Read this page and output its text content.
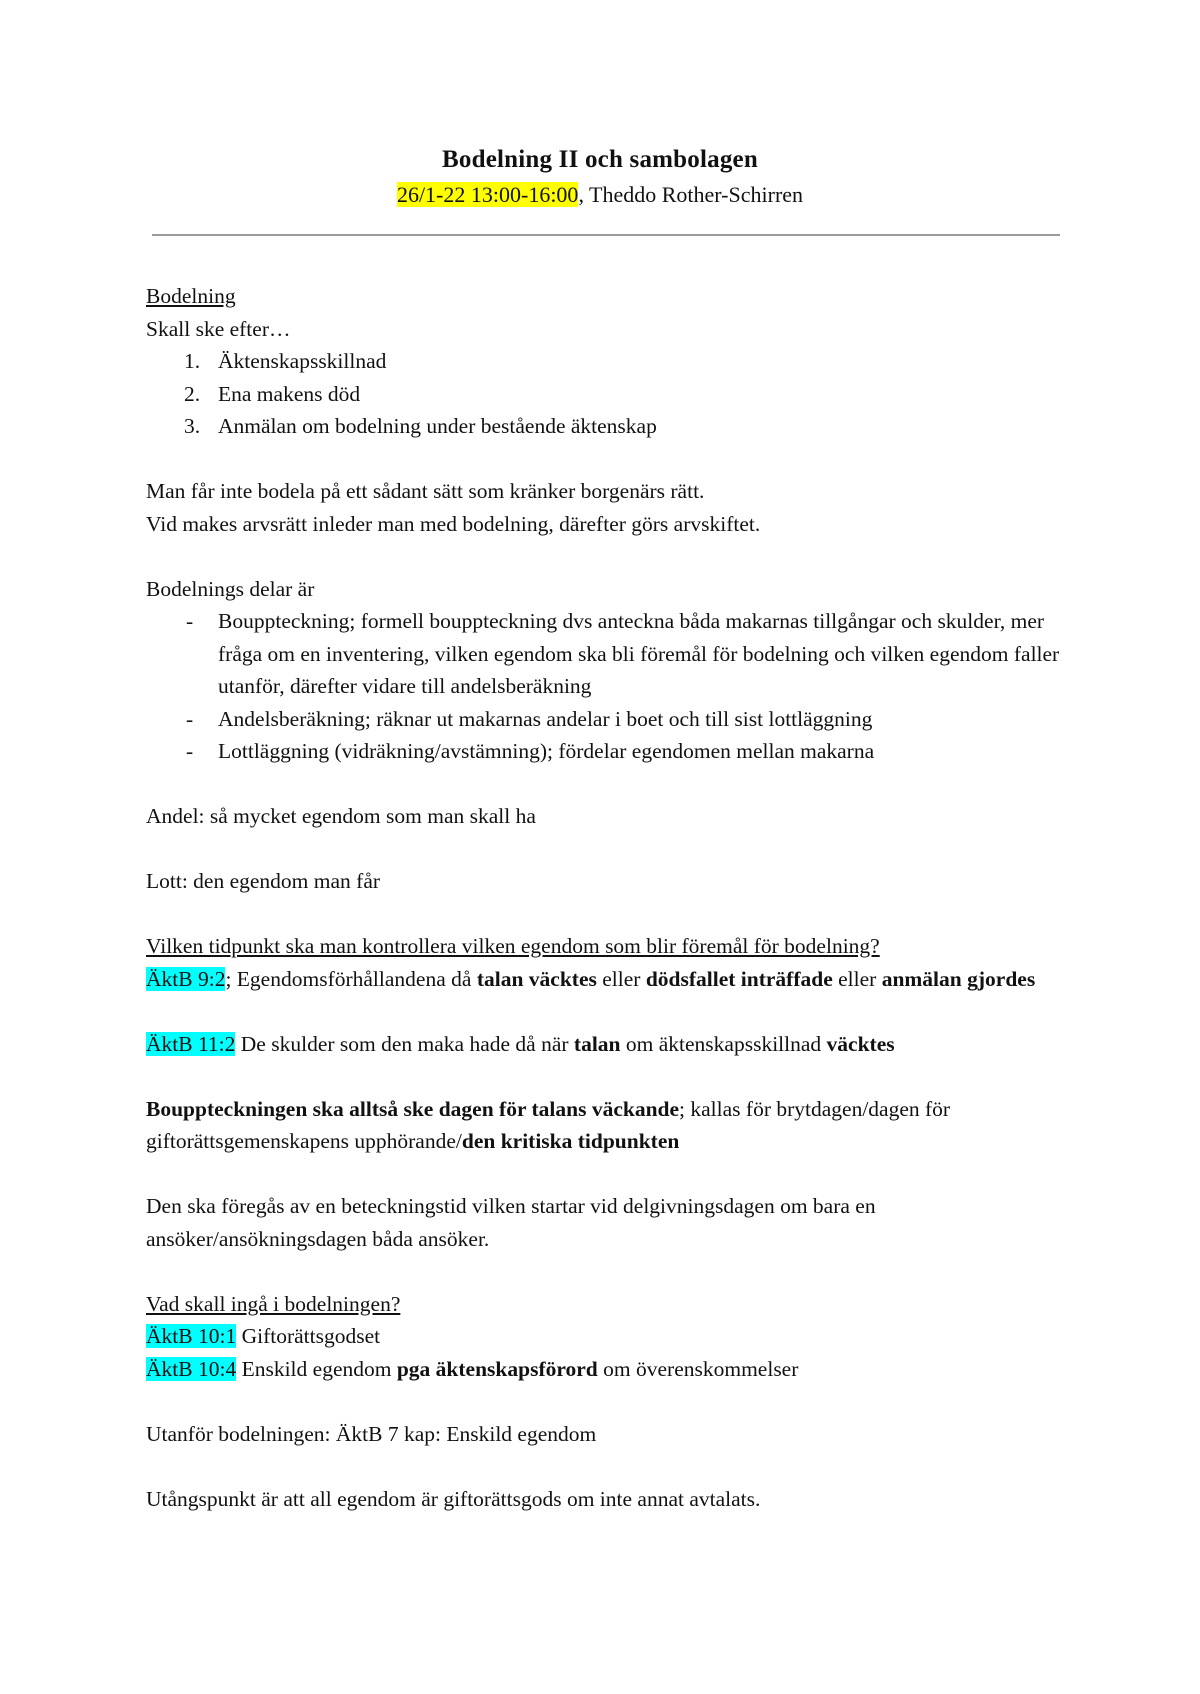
Bodelning II och sambolagen
26/1-22 13:00-16:00, Theddo Rother-Schirren

Bodelning

Skall ske efter…

1. Äktenskapsskillnad
2. Ena makens död
3. Anmälan om bodelning under bestående äktenskap

Man får inte bodela på ett sådant sätt som kränker borgenärs rätt.

Vid makes arvsrätt inleder man med bodelning, därefter görs arvskiftet.

Bodelnings delar är

- Bouppteckning; formell bouppteckning dvs anteckna båda makarnas tillgångar och skulder, mer fråga om en inventering, vilken egendom ska bli föremål för bodelning och vilken egendom faller utanför, därefter vidare till andelsberäkning
- Andelsberäkning; räknar ut makarnas andelar i boet och till sist lottläggning
- Lottläggning (vidräkning/avstämning); fördelar egendomen mellan makarna

Andel: så mycket egendom som man skall ha

Lott: den egendom man får

Vilken tidpunkt ska man kontrollera vilken egendom som blir föremål för bodelning?

ÄktB 9:2; Egendomsförhållandena då talan väcktes eller dödsfallet inträffade eller anmälan gjordes

ÄktB 11:2 De skulder som den maka hade då när talan om äktenskapsskillnad väcktes

Bouppteckningen ska alltså ske dagen för talans väckande; kallas för brytdagen/dagen för giftorättsgemenskapens upphörande/den kritiska tidpunkten

Den ska föregås av en beteckningstid vilken startar vid delgivningsdagen om bara en ansöker/ansökningsdagen båda ansöker.

Vad skall ingå i bodelningen?

ÄktB 10:1 Giftorättsgodset

ÄktB 10:4 Enskild egendom pga äktenskapsförord om överenskommelser

Utanför bodelningen: ÄktB 7 kap: Enskild egendom

Utångspunkt är att all egendom är giftorättsgods om inte annat avtalats.
